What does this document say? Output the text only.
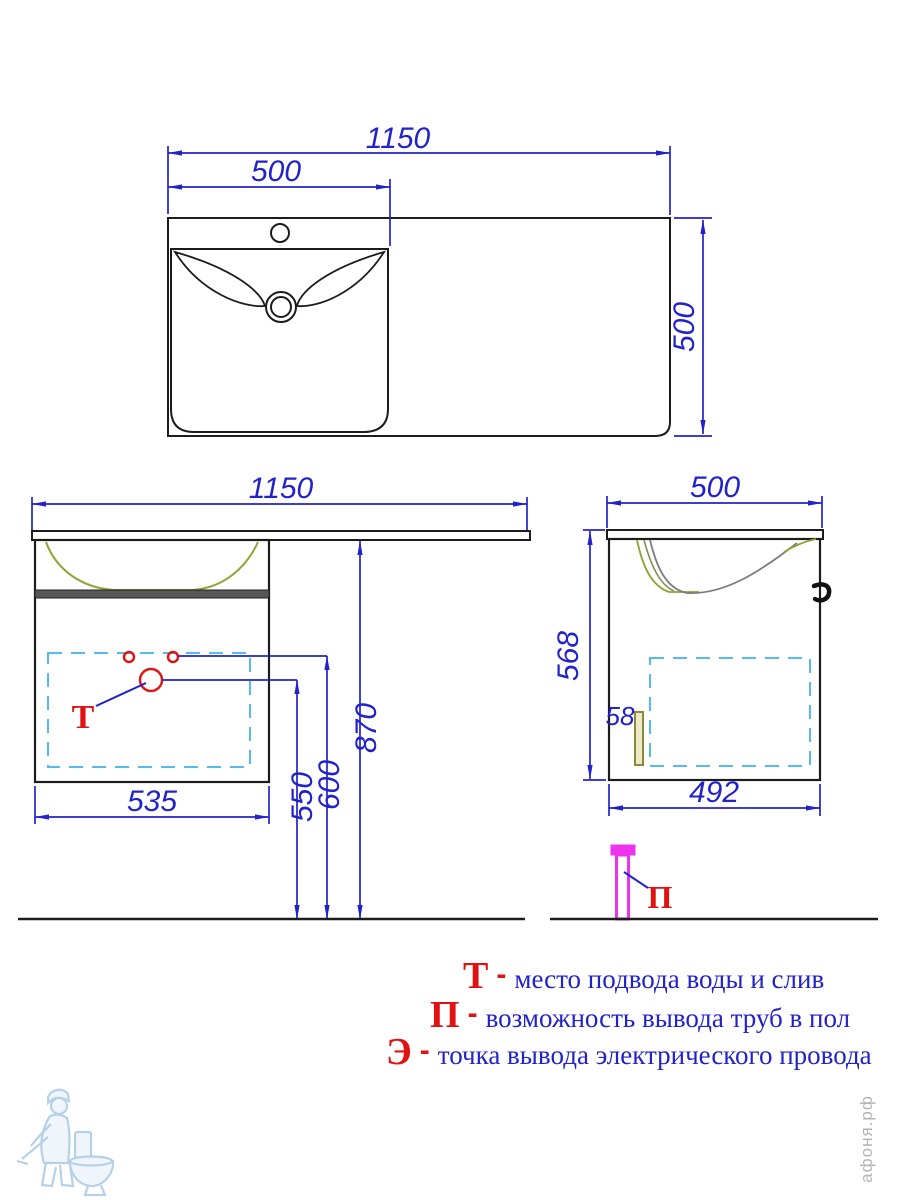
1150
500
500
Т
1150
535	550
600
870	58
500
568
492
П
Т - место подвода воды и слив
П - возможность вывода труб в пол
Э - точка вывода электрического провода
афоня.рф
